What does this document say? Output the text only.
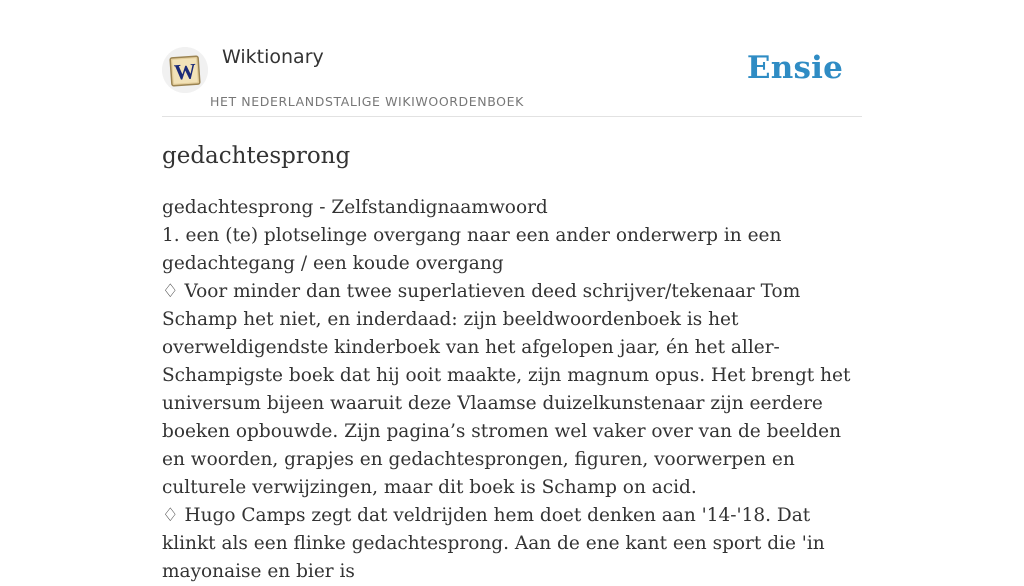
W
Wiktionary
HET NEDERLANDSTALIGE WIKIWOORDENBOEK
Ensie
gedachtesprong

gedachtesprong - Zelfstandignaamwoord

1. een (te) plotselinge overgang naar een ander onderwerp in een gedachtegang / een koude overgang

♢ Voor minder dan twee superlatieven deed schrijver/tekenaar Tom Schamp het niet, en inderdaad: zijn beeldwoordenboek is het overweldigendste kinderboek van het afgelopen jaar, én het aller-Schampigste boek dat hij ooit maakte, zijn magnum opus. Het brengt het universum bijeen waaruit deze Vlaamse duizelkunstenaar zijn eerdere boeken opbouwde. Zijn pagina’s stromen wel vaker over van de beelden en woorden, grapjes en gedachtesprongen, figuren, voorwerpen en culturele verwijzingen, maar dit boek is Schamp on acid.

♢ Hugo Camps zegt dat veldrijden hem doet denken aan '14-'18. Dat klinkt als een flinke gedachtesprong. Aan de ene kant een sport die 'in mayonaise en bier is
